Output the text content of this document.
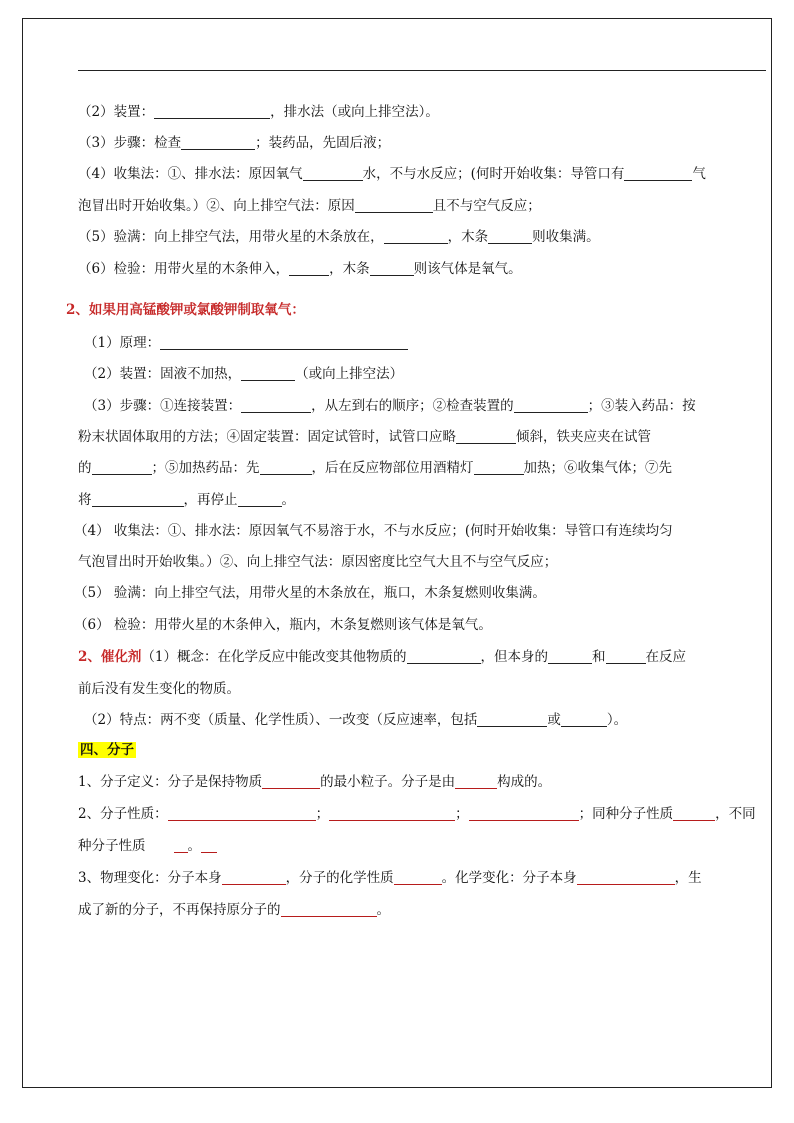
（2）装置：	，排水法（或向上排空法）。
（3）步骤：检查	；装药品，先固后液；
（4）收集法：①、排水法：原因氧气	水，不与水反应；(何时开始收集：导管口有	气
泡冒出时开始收集。）②、向上排空气法：原因	且不与空气反应；
（5）验满：向上排空气法，用带火星的木条放在，	，木条	则收集满。
（6）检验：用带火星的木条伸入，	，木条	则该气体是氧气。
2、如果用高锰酸钾或氯酸钾制取氧气：
（1）原理：
（2）装置：固液不加热，	（或向上排空法）
（3）步骤：①连接装置：	，从左到右的顺序；②检查装置的	；③装入药品：按
粉末状固体取用的方法；④固定装置：固定试管时，试管口应略	倾斜，铁夹应夹在试管
的	；⑤加热药品：先	，后在反应物部位用酒精灯	加热；⑥收集气体；⑦先
将	，再停止	。
（4） 收集法：①、排水法：原因氧气不易溶于水，不与水反应；(何时开始收集：导管口有连续均匀
气泡冒出时开始收集。）②、向上排空气法：原因密度比空气大且不与空气反应；
（5） 验满：向上排空气法，用带火星的木条放在，瓶口，木条复燃则收集满。
（6） 检验：用带火星的木条伸入，瓶内，木条复燃则该气体是氧气。
2、催化剂（1）概念：在化学反应中能改变其他物质的	，但本身的	和	在反应
前后没有发生变化的物质。
（2）特点：两不变（质量、化学性质）、一改变（反应速率，包括	或	）。
四、分子
1、分子定义：分子是保持物质	的最小粒子。分子是由	构成的。
2、分子性质：	；	；	；同种分子性质	，不同
种分子性质	。
3、物理变化：分子本身	，分子的化学性质	。化学变化：分子本身	，生
成了新的分子，不再保持原分子的	。
